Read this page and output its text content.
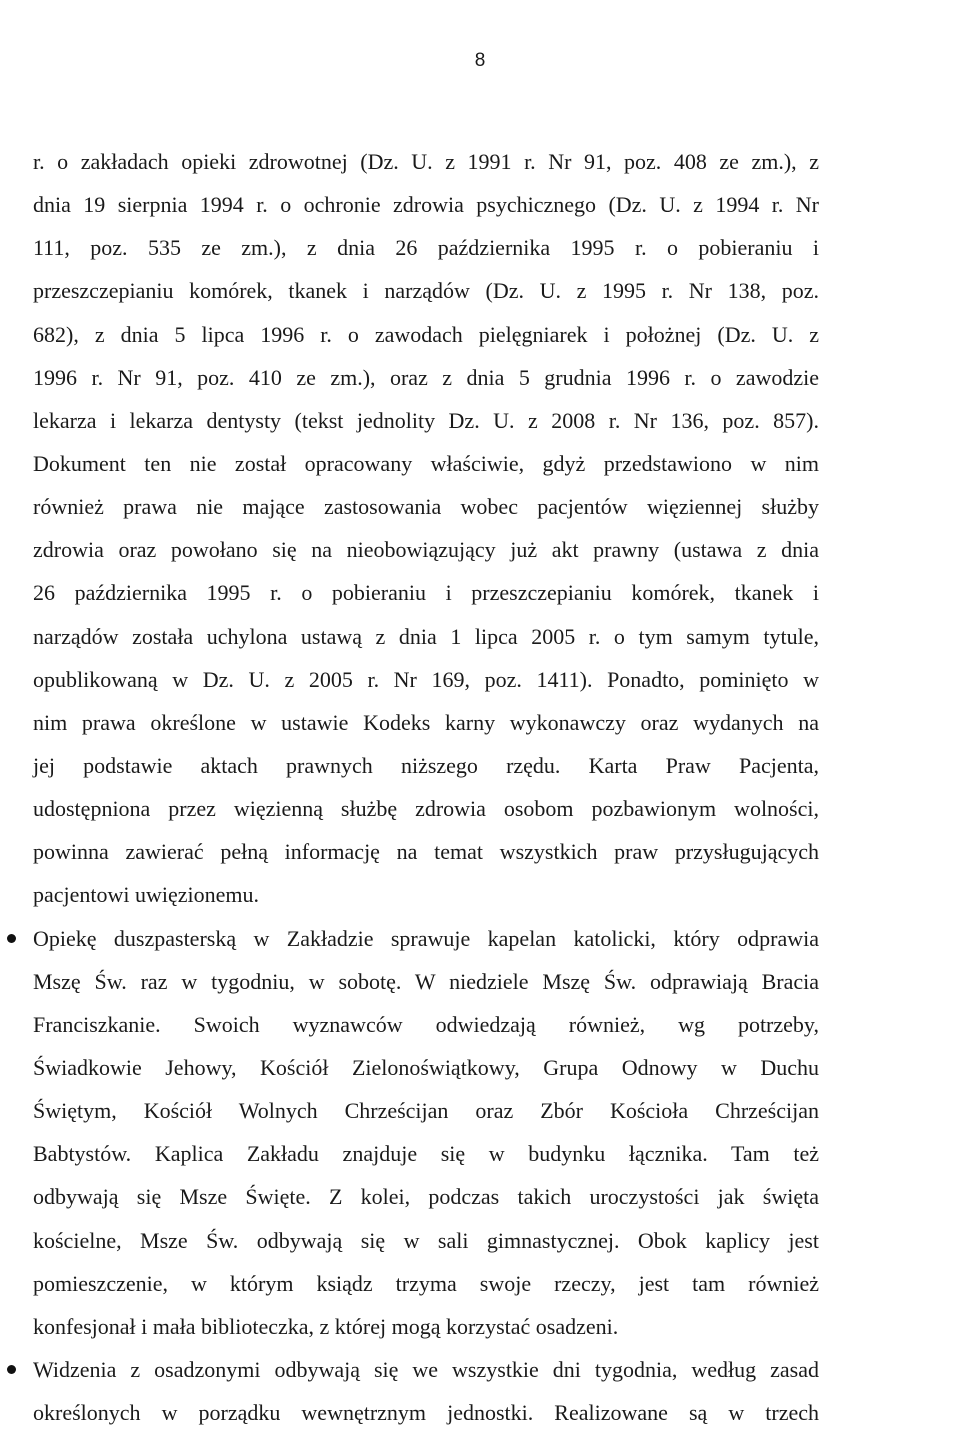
8
r. o zakładach opieki zdrowotnej (Dz. U. z 1991 r. Nr 91, poz. 408 ze zm.), z
dnia 19 sierpnia 1994 r. o ochronie zdrowia psychicznego (Dz. U. z 1994 r. Nr
111, poz. 535 ze zm.), z dnia 26 października 1995 r. o pobieraniu i
przeszczepianiu komórek, tkanek i narządów (Dz. U. z 1995 r. Nr 138, poz.
682), z dnia 5 lipca 1996 r. o zawodach pielęgniarek i położnej (Dz. U. z
1996 r. Nr 91, poz. 410 ze zm.), oraz z dnia 5 grudnia 1996 r. o zawodzie
lekarza i lekarza dentysty (tekst jednolity Dz. U. z 2008 r. Nr 136, poz. 857).
Dokument ten nie został opracowany właściwie, gdyż przedstawiono w nim
również prawa nie mające zastosowania wobec pacjentów więziennej służby
zdrowia oraz powołano się na nieobowiązujący już akt prawny (ustawa z dnia
26 października 1995 r. o pobieraniu i przeszczepianiu komórek, tkanek i
narządów została uchylona ustawą z dnia 1 lipca 2005 r. o tym samym tytule,
opublikowaną w Dz. U. z 2005 r. Nr 169, poz. 1411). Ponadto, pominięto w
nim prawa określone w ustawie Kodeks karny wykonawczy oraz wydanych na
jej podstawie aktach prawnych niższego rzędu. Karta Praw Pacjenta,
udostępniona przez więzienną służbę zdrowia osobom pozbawionym wolności,
powinna zawierać pełną informację na temat wszystkich praw przysługujących
pacjentowi uwięzionemu.
Opiekę duszpasterską w Zakładzie sprawuje kapelan katolicki, który odprawia
Mszę Św. raz w tygodniu, w sobotę. W niedziele Mszę Św. odprawiają Bracia
Franciszkanie. Swoich wyznawców odwiedzają również, wg potrzeby,
Świadkowie Jehowy, Kościół Zielonoświątkowy, Grupa Odnowy w Duchu
Świętym, Kościół Wolnych Chrześcijan oraz Zbór Kościoła Chrześcijan
Babtystów. Kaplica Zakładu znajduje się w budynku łącznika. Tam też
odbywają się Msze Święte. Z kolei, podczas takich uroczystości jak święta
kościelne, Msze Św. odbywają się w sali gimnastycznej. Obok kaplicy jest
pomieszczenie, w którym ksiądz trzyma swoje rzeczy, jest tam również
konfesjonał i mała biblioteczka, z której mogą korzystać osadzeni.
Widzenia z osadzonymi odbywają się we wszystkie dni tygodnia, według zasad
określonych w porządku wewnętrznym jednostki. Realizowane są w trzech
